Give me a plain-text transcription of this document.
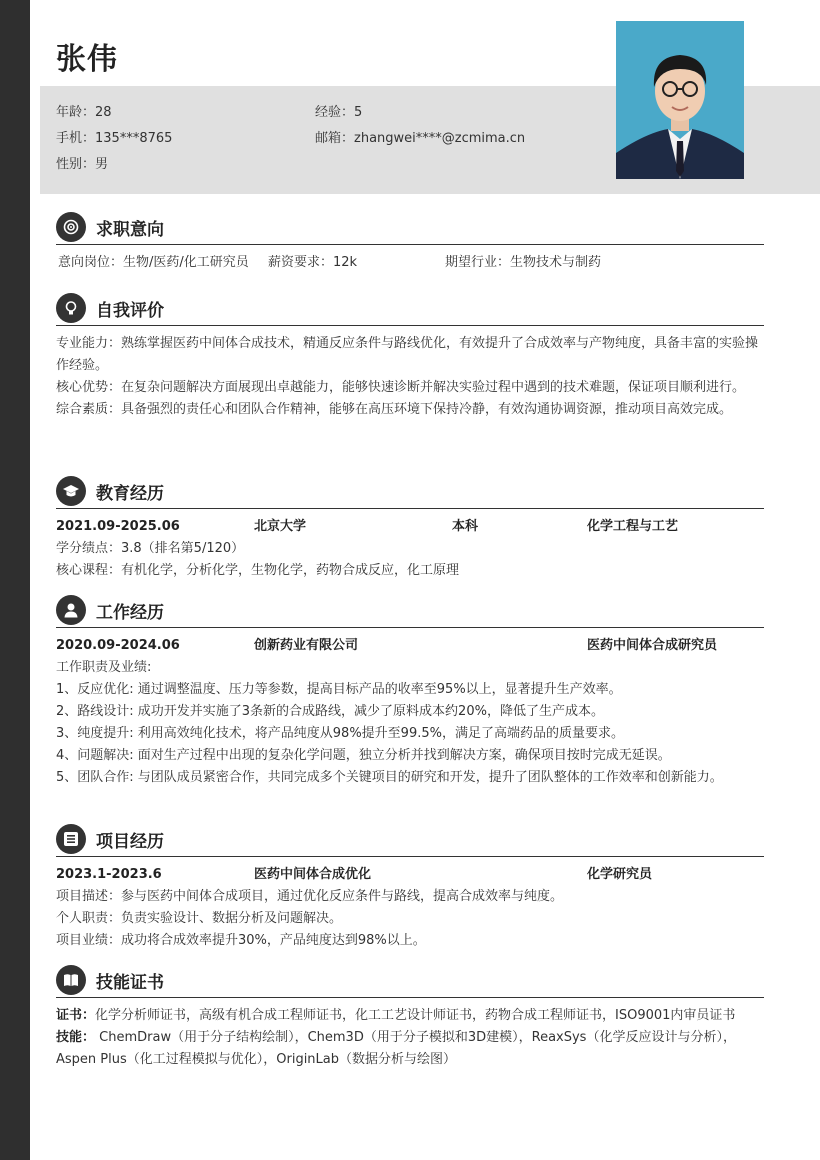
张伟
年龄：28	经验：5
手机：135***8765	邮箱：zhangwei****@zcmima.cn
性别：男
求职意向
意向岗位：生物/医药/化工研究员 薪资要求：12k	期望行业：生物技术与制药
自我评价

专业能力：熟练掌握医药中间体合成技术，精通反应条件与路线优化，有效提升了合成效率与产物纯度，具备丰富的实验操作经验。

核心优势：在复杂问题解决方面展现出卓越能力，能够快速诊断并解决实验过程中遇到的技术难题，保证项目顺利进行。

综合素质：具备强烈的责任心和团队合作精神，能够在高压环境下保持冷静，有效沟通协调资源，推动项目高效完成。

教育经历
2021.09-2025.06	北京大学	本科	化学工程与工艺

学分绩点：3.8（排名第5/120）

核心课程：有机化学，分析化学，生物化学，药物合成反应，化工原理

工作经历
2020.09-2024.06	创新药业有限公司	医药中间体合成研究员

工作职责及业绩:

1、反应优化: 通过调整温度、压力等参数，提高目标产品的收率至95%以上，显著提升生产效率。

2、路线设计: 成功开发并实施了3条新的合成路线，减少了原料成本约20%，降低了生产成本。

3、纯度提升: 利用高效纯化技术，将产品纯度从98%提升至99.5%，满足了高端药品的质量要求。

4、问题解决: 面对生产过程中出现的复杂化学问题，独立分析并找到解决方案，确保项目按时完成无延误。

5、团队合作: 与团队成员紧密合作，共同完成多个关键项目的研究和开发，提升了团队整体的工作效率和创新能力。

项目经历
2023.1-2023.6	医药中间体合成优化	化学研究员

项目描述：参与医药中间体合成项目，通过优化反应条件与路线，提高合成效率与纯度。

个人职责：负责实验设计、数据分析及问题解决。

项目业绩：成功将合成效率提升30%，产品纯度达到98%以上。

技能证书

证书：化学分析师证书，高级有机合成工程师证书，化工工艺设计师证书，药物合成工程师证书，ISO9001内审员证书

技能： ChemDraw（用于分子结构绘制），Chem3D（用于分子模拟和3D建模），ReaxSys（化学反应设计与分析），Aspen Plus（化工过程模拟与优化），OriginLab（数据分析与绘图）
